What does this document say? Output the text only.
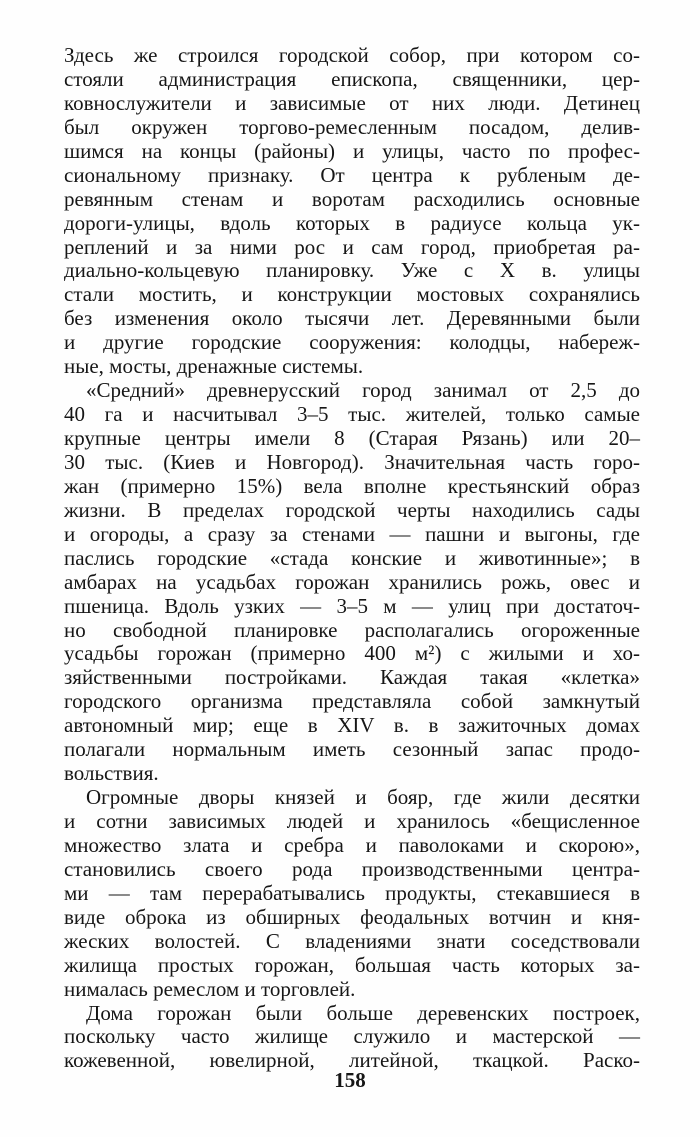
Здесь же строился городской собор, при котором со-
стояли администрация епископа, священники, цер-
ковнослужители и зависимые от них люди. Детинец
был окружен торгово-ремесленным посадом, делив-
шимся на концы (районы) и улицы, часто по профес-
сиональному признаку. От центра к рубленым де-
ревянным стенам и воротам расходились основные
дороги-улицы, вдоль которых в радиусе кольца ук-
реплений и за ними рос и сам город, приобретая ра-
диально-кольцевую планировку. Уже с X в. улицы
стали мостить, и конструкции мостовых сохранялись
без изменения около тысячи лет. Деревянными были
и другие городские сооружения: колодцы, набереж-
ные, мосты, дренажные системы.
«Средний» древнерусский город занимал от 2,5 до
40 га и насчитывал 3–5 тыс. жителей, только самые
крупные центры имели 8 (Старая Рязань) или 20–
30 тыс. (Киев и Новгород). Значительная часть горо-
жан (примерно 15%) вела вполне крестьянский образ
жизни. В пределах городской черты находились сады
и огороды, а сразу за стенами — пашни и выгоны, где
паслись городские «стада конские и животинные»; в
амбарах на усадьбах горожан хранились рожь, овес и
пшеница. Вдоль узких — 3–5 м — улиц при достаточ-
но свободной планировке располагались огороженные
усадьбы горожан (примерно 400 м²) с жилыми и хо-
зяйственными постройками. Каждая такая «клетка»
городского организма представляла собой замкнутый
автономный мир; еще в XIV в. в зажиточных домах
полагали нормальным иметь сезонный запас продо-
вольствия.
Огромные дворы князей и бояр, где жили десятки
и сотни зависимых людей и хранилось «бещисленное
множество злата и сребра и паволоками и скорою»,
становились своего рода производственными центра-
ми — там перерабатывались продукты, стекавшиеся в
виде оброка из обширных феодальных вотчин и кня-
жеских волостей. С владениями знати соседствовали
жилища простых горожан, большая часть которых за-
нималась ремеслом и торговлей.
Дома горожан были больше деревенских построек,
поскольку часто жилище служило и мастерской —
кожевенной, ювелирной, литейной, ткацкой. Раско-
158
